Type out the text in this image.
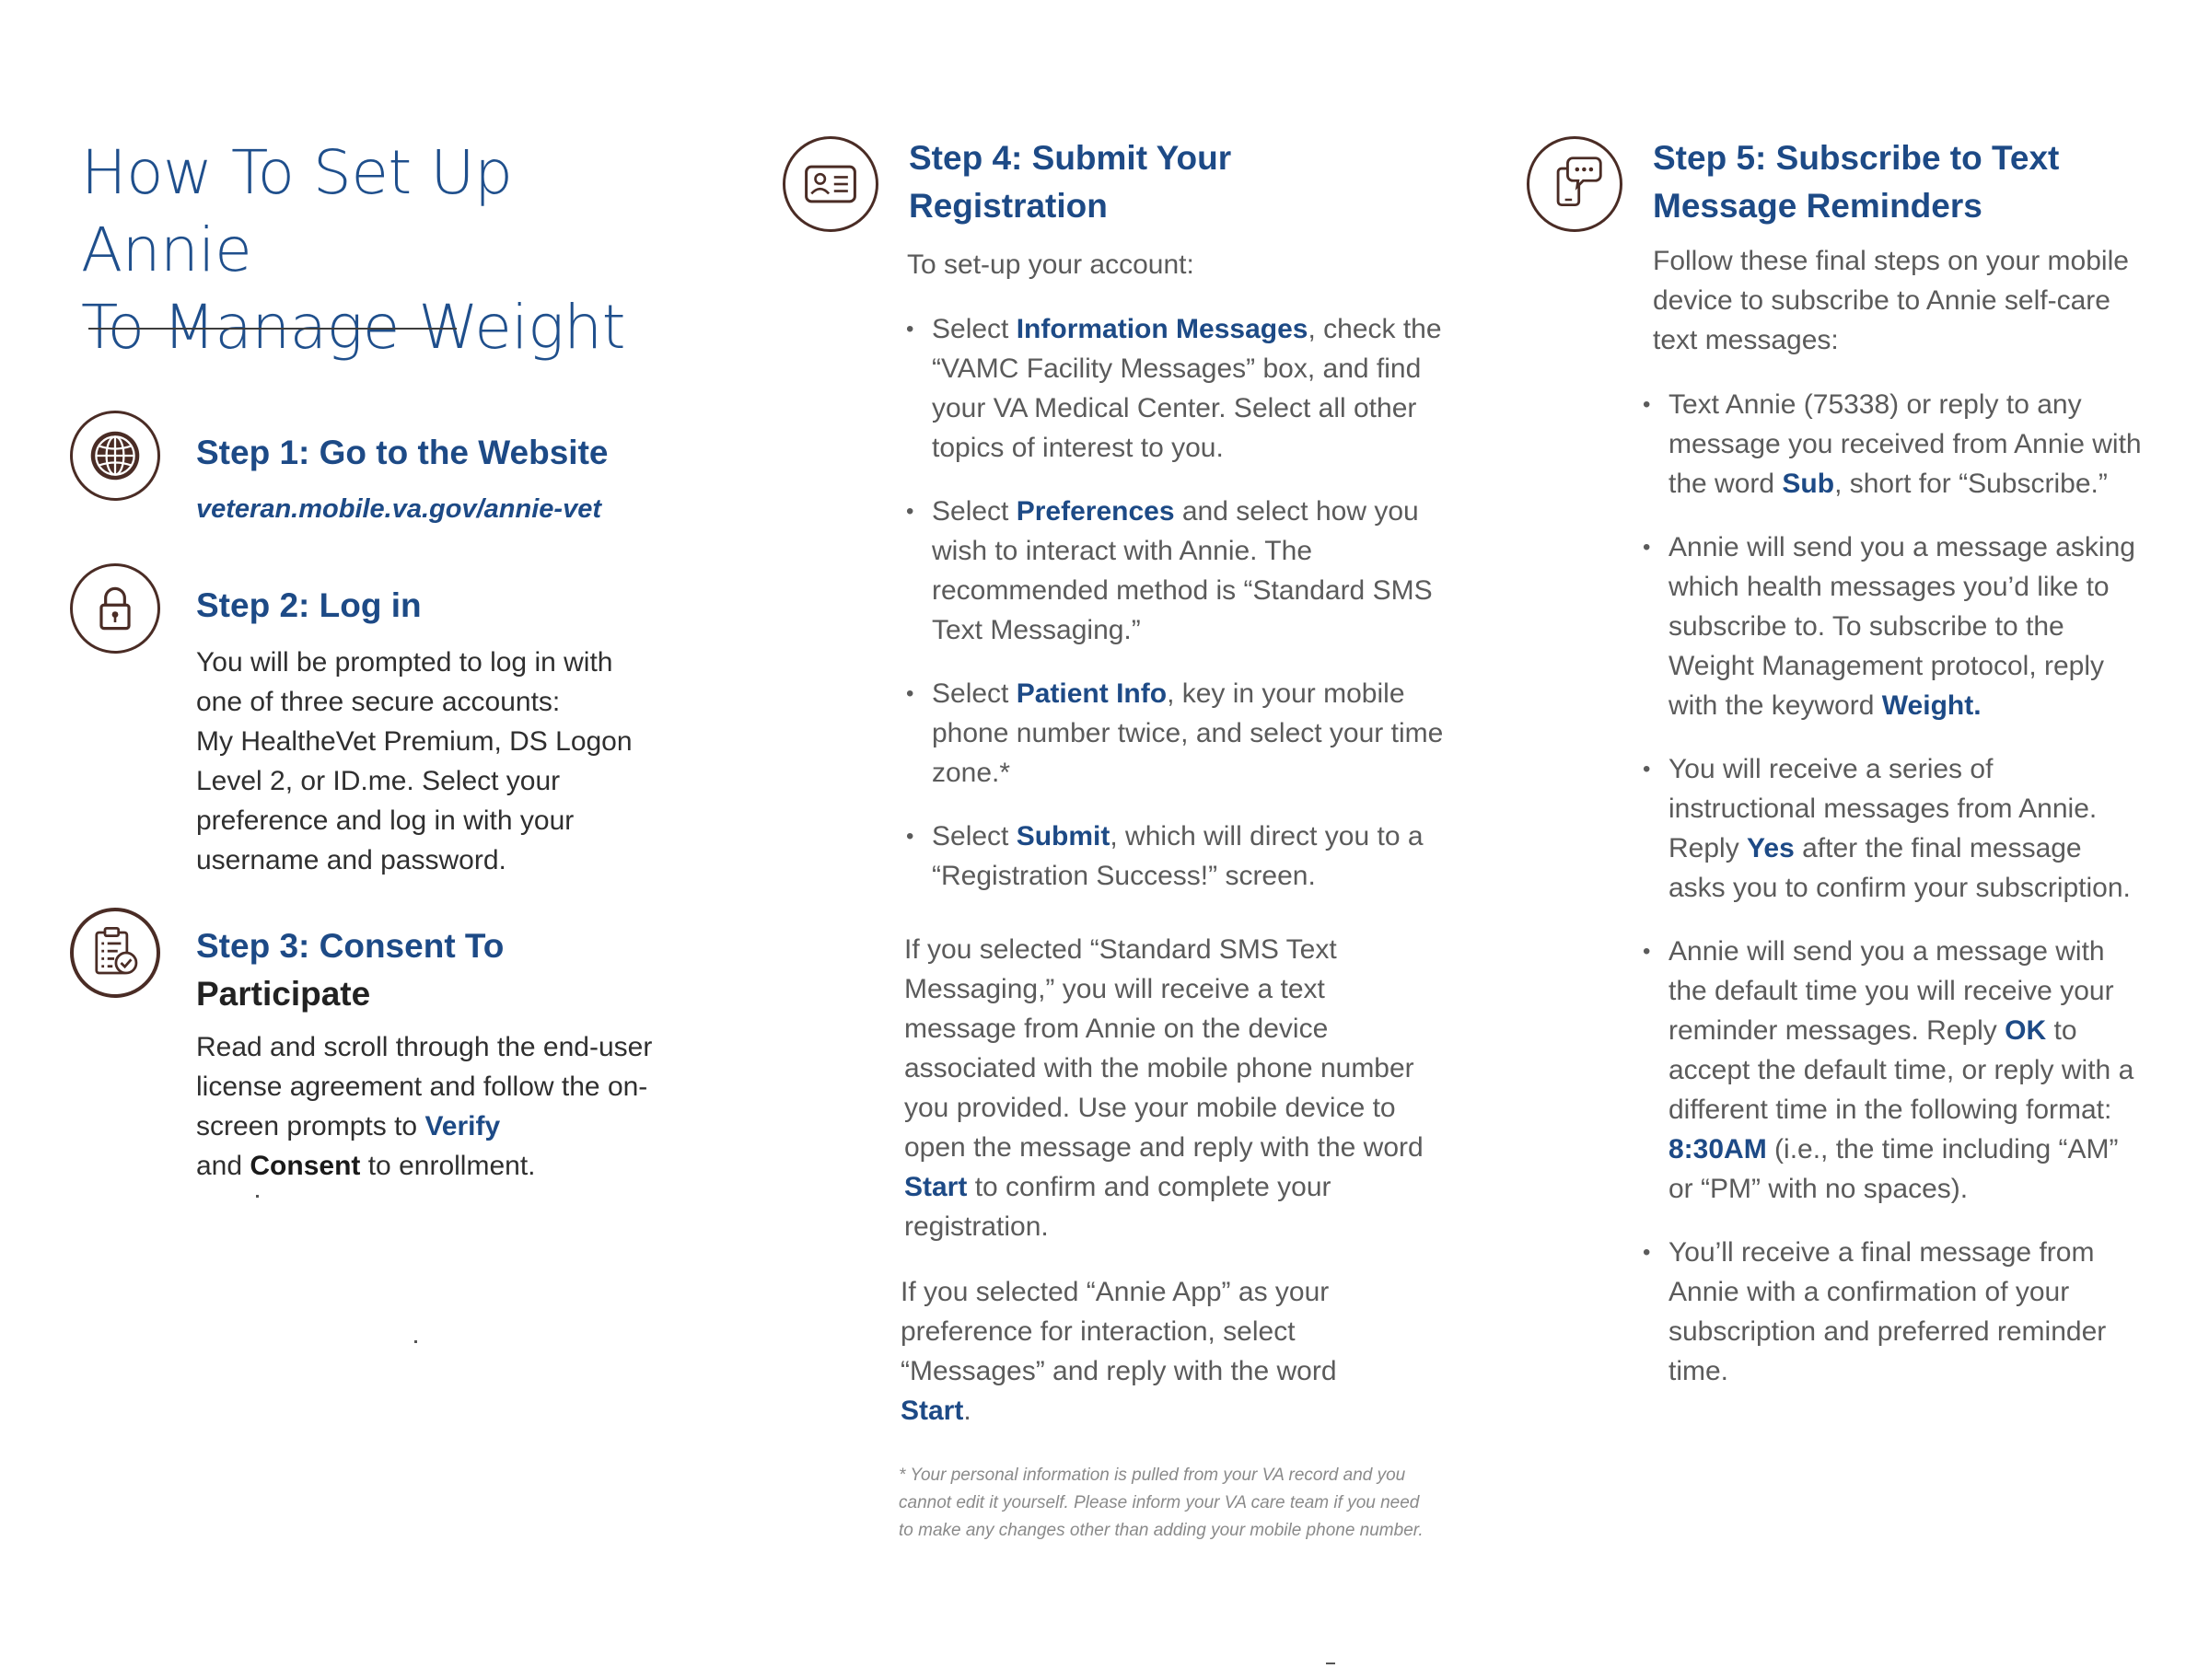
How To Set Up Annie
To Manage Weight
Step 1: Go to the Website
veteran.mobile.va.gov/annie-vet
Step 2: Log in
You will be prompted to log in with
one of three secure accounts:
My HealtheVet Premium, DS Logon
Level 2, or ID.me. Select your
preference and log in with your
username and password.
Step 3: Consent To
Participate
Read and scroll through the end-user license agreement and follow the on-screen prompts to Verify
and Consent to enrollment.
Step 4: Submit Your
Registration
To set-up your account:
• Select Information Messages, check the “VAMC Facility Messages” box, and find your VA Medical Center. Select all other topics of interest to you.
• Select Preferences and select how you wish to interact with Annie. The recommended method is “Standard SMS Text Messaging.”
• Select Patient Info, key in your mobile phone number twice, and select your time zone.*
• Select Submit, which will direct you to a “Registration Success!” screen.
If you selected “Standard SMS Text Messaging,” you will receive a text message from Annie on the device associated with the mobile phone number you provided. Use your mobile device to open the message and reply with the word Start to confirm and complete your registration.
If you selected “Annie App” as your preference for interaction, select “Messages” and reply with the word Start.
* Your personal information is pulled from your VA record and you cannot edit it yourself. Please inform your VA care team if you need to make any changes other than adding your mobile phone number.
Step 5: Subscribe to Text
Message Reminders
Follow these final steps on your mobile device to subscribe to Annie self-care text messages:
• Text Annie (75338) or reply to any message you received from Annie with the word Sub, short for “Subscribe.”
• Annie will send you a message asking which health messages you’d like to subscribe to. To subscribe to the Weight Management protocol, reply with the keyword Weight.
• You will receive a series of instructional messages from Annie. Reply Yes after the final message asks you to confirm your subscription.
• Annie will send you a message with the default time you will receive your reminder messages. Reply OK to accept the default time, or reply with a different time in the following format: 8:30AM (i.e., the time including “AM” or “PM” with no spaces).
• You’ll receive a final message from Annie with a confirmation of your subscription and preferred reminder time.
